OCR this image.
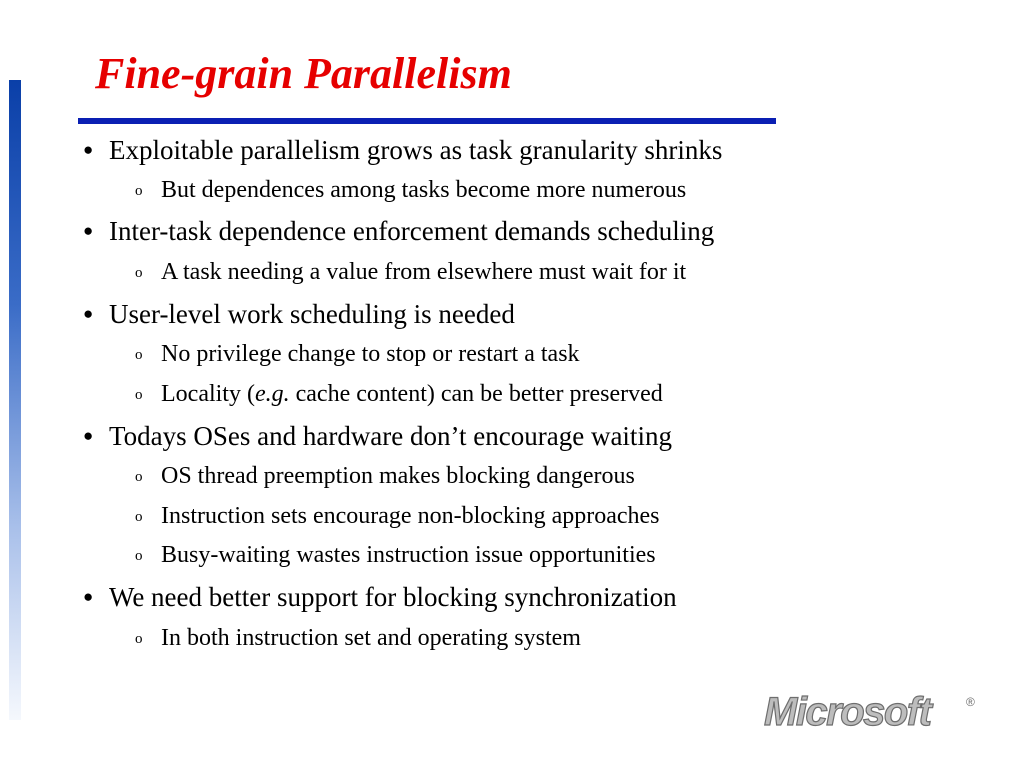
Fine-grain Parallelism
● Exploitable parallelism grows as task granularity shrinks
o But dependences among tasks become more numerous
● Inter-task dependence enforcement demands scheduling
o A task needing a value from elsewhere must wait for it
● User-level work scheduling is needed
o No privilege change to stop or restart a task
o Locality (e.g. cache content) can be better preserved
● Todays OSes and hardware don’t encourage waiting
o OS thread preemption makes blocking dangerous
o Instruction sets encourage non-blocking approaches
o Busy-waiting wastes instruction issue opportunities
● We need better support for blocking synchronization
o In both instruction set and operating system
Microsoft	®
